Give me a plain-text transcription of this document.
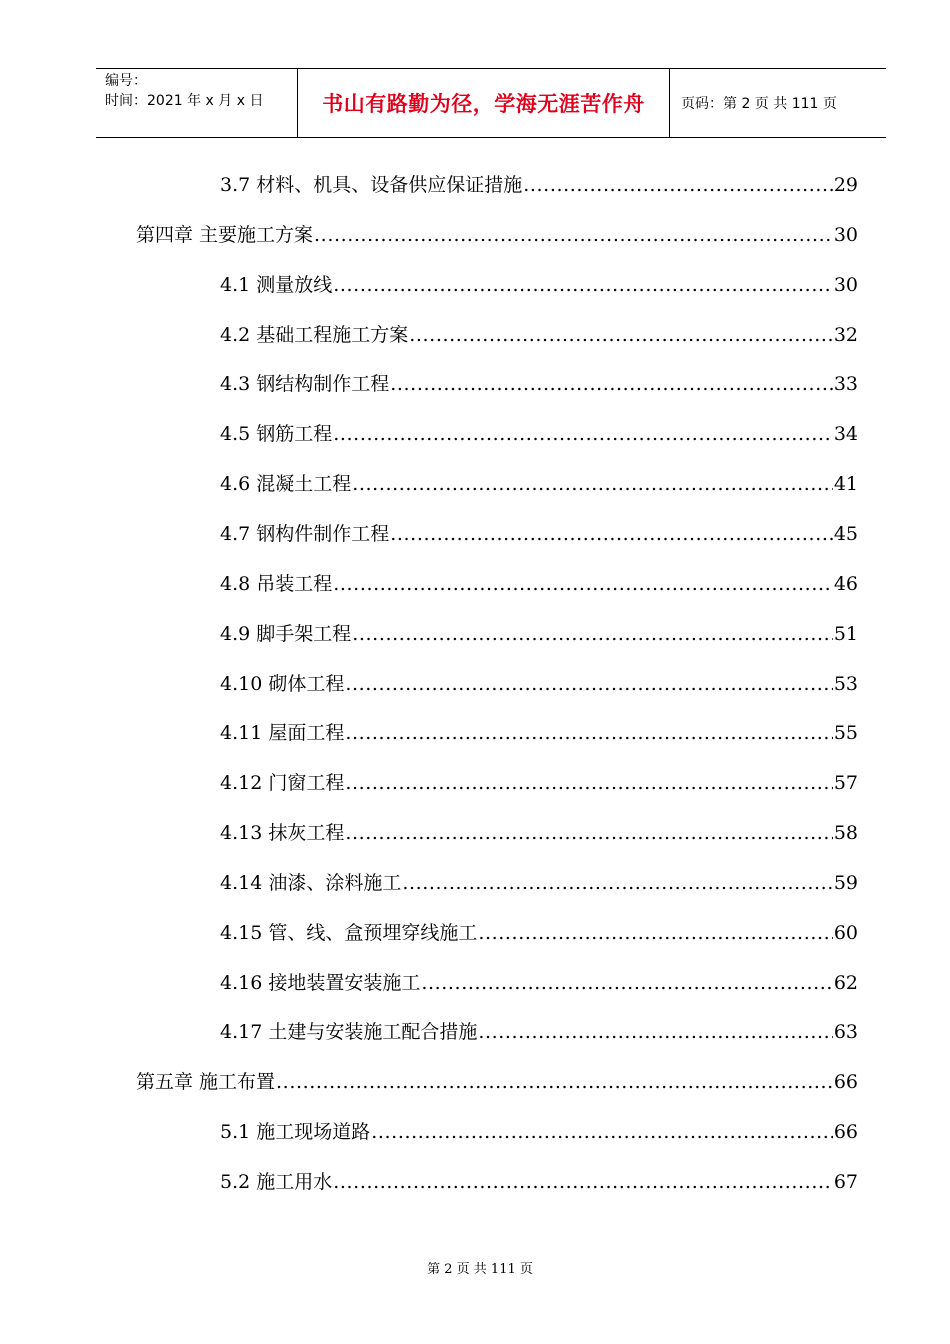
编号：
时间：2021 年 x 月 x 日	书山有路勤为径，学海无涯苦作舟	页码：第 2 页 共 111 页
3.7 材料、机具、设备供应保证措施 .....	29
第四章 主要施工方案 .....	30
4.1 测量放线 .....	30
4.2 基础工程施工方案 .....	32
4.3 钢结构制作工程 .....	33
4.5 钢筋工程 .....	34
4.6 混凝土工程 .....	41
4.7 钢构件制作工程 .....	45
4.8 吊装工程 .....	46
4.9 脚手架工程 .....	51
4.10 砌体工程 .....	53
4.11 屋面工程 .....	55
4.12 门窗工程 .....	57
4.13 抹灰工程 .....	58
4.14 油漆、涂料施工 .....	59
4.15 管、线、盒预埋穿线施工 .....	60
4.16 接地装置安装施工 .....	62
4.17 土建与安装施工配合措施 .....	63
第五章 施工布置 .....	66
5.1 施工现场道路 .....	66
5.2 施工用水 .....	67
第 2 页 共 111 页
